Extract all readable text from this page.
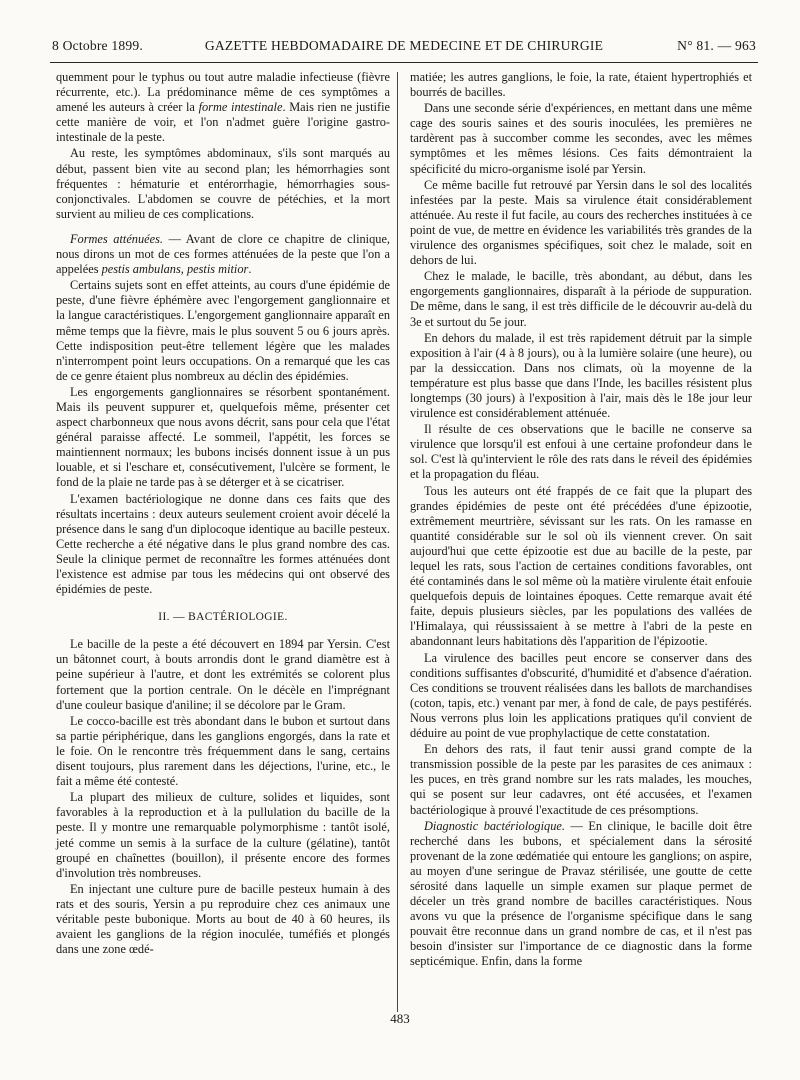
8 Octobre 1899.	GAZETTE HEBDOMADAIRE DE MEDECINE ET DE CHIRURGIE	N° 81. — 963

quemment pour le typhus ou tout autre maladie infectieuse (fièvre récurrente, etc.). La prédominance même de ces symptômes a amené les auteurs à créer la forme intestinale. Mais rien ne justifie cette manière de voir, et l'on n'admet guère l'origine gastro-intestinale de la peste.

Au reste, les symptômes abdominaux, s'ils sont marqués au début, passent bien vite au second plan; les hémorrhagies sont fréquentes : hématurie et entérorrhagie, hémorrhagies sous-conjonctivales. L'abdomen se couvre de pétéchies, et la mort survient au milieu de ces complications.

Formes atténuées. — Avant de clore ce chapitre de clinique, nous dirons un mot de ces formes atténuées de la peste que l'on a appelées pestis ambulans, pestis mitior.

Certains sujets sont en effet atteints, au cours d'une épidémie de peste, d'une fièvre éphémère avec l'engorgement ganglionnaire et la langue caractéristiques. L'engorgement ganglionnaire apparaît en même temps que la fièvre, mais le plus souvent 5 ou 6 jours après. Cette indisposition peut-être tellement légère que les malades n'interrompent point leurs occupations. On a remarqué que les cas de ce genre étaient plus nombreux au déclin des épidémies.

Les engorgements ganglionnaires se résorbent spontanément. Mais ils peuvent suppurer et, quelquefois même, présenter cet aspect charbonneux que nous avons décrit, sans pour cela que l'état général paraisse affecté. Le sommeil, l'appétit, les forces se maintiennent normaux; les bubons incisés donnent issue à un pus louable, et si l'eschare et, consécutivement, l'ulcère se forment, le fond de la plaie ne tarde pas à se déterger et à se cicatriser.

L'examen bactériologique ne donne dans ces faits que des résultats incertains : deux auteurs seulement croient avoir décelé la présence dans le sang d'un diplocoque identique au bacille pesteux. Cette recherche a été négative dans le plus grand nombre des cas. Seule la clinique permet de reconnaître les formes atténuées dont l'existence est admise par tous les médecins qui ont observé des épidémies de peste.

II. — BACTÉRIOLOGIE.

Le bacille de la peste a été découvert en 1894 par Yersin. C'est un bâtonnet court, à bouts arrondis dont le grand diamètre est à peine supérieur à l'autre, et dont les extrémités se colorent plus fortement que la portion centrale. On le décèle en l'imprégnant d'une couleur basique d'aniline; il se décolore par le Gram.

Le cocco-bacille est très abondant dans le bubon et surtout dans sa partie périphérique, dans les ganglions engorgés, dans la rate et le foie. On le rencontre très fréquemment dans le sang, certains disent toujours, plus rarement dans les déjections, l'urine, etc., le fait a même été contesté.

La plupart des milieux de culture, solides et liquides, sont favorables à la reproduction et à la pullulation du bacille de la peste. Il y montre une remarquable polymorphisme : tantôt isolé, jeté comme un semis à la surface de la culture (gélatine), tantôt groupé en chaînettes (bouillon), il présente encore des formes d'involution très nombreuses.

En injectant une culture pure de bacille pesteux humain à des rats et des souris, Yersin a pu reproduire chez ces animaux une véritable peste bubonique. Morts au bout de 40 à 60 heures, ils avaient les ganglions de la région inoculée, tuméfiés et plongés dans une zone œdé-

matiée; les autres ganglions, le foie, la rate, étaient hypertrophiés et bourrés de bacilles.

Dans une seconde série d'expériences, en mettant dans une même cage des souris saines et des souris inoculées, les premières ne tardèrent pas à succomber comme les secondes, avec les mêmes symptômes et les mêmes lésions. Ces faits démontraient la spécificité du micro-organisme isolé par Yersin.

Ce même bacille fut retrouvé par Yersin dans le sol des localités infestées par la peste. Mais sa virulence était considérablement atténuée. Au reste il fut facile, au cours des recherches instituées à ce point de vue, de mettre en évidence les variabilités très grandes de la virulence des organismes spécifiques, soit chez le malade, soit en dehors de lui.

Chez le malade, le bacille, très abondant, au début, dans les engorgements ganglionnaires, disparaît à la période de suppuration. De même, dans le sang, il est très difficile de le découvrir au-delà du 3e et surtout du 5e jour.

En dehors du malade, il est très rapidement détruit par la simple exposition à l'air (4 à 8 jours), ou à la lumière solaire (une heure), ou par la dessiccation. Dans nos climats, où la moyenne de la température est plus basse que dans l'Inde, les bacilles résistent plus longtemps (30 jours) à l'exposition à l'air, mais dès le 18e jour leur virulence est considérablement atténuée.

Il résulte de ces observations que le bacille ne conserve sa virulence que lorsqu'il est enfoui à une certaine profondeur dans le sol. C'est là qu'intervient le rôle des rats dans le réveil des épidémies et la propagation du fléau.

Tous les auteurs ont été frappés de ce fait que la plupart des grandes épidémies de peste ont été précédées d'une épizootie, extrêmement meurtrière, sévissant sur les rats. On les ramasse en quantité considérable sur le sol où ils viennent crever. On sait aujourd'hui que cette épizootie est due au bacille de la peste, par lequel les rats, sous l'action de certaines conditions favorables, ont été contaminés dans le sol même où la matière virulente était enfouie quelquefois depuis de lointaines époques. Cette remarque avait été faite, depuis plusieurs siècles, par les populations des vallées de l'Himalaya, qui réussissaient à se mettre à l'abri de la peste en abandonnant leurs habitations dès l'apparition de l'épizootie.

La virulence des bacilles peut encore se conserver dans des conditions suffisantes d'obscurité, d'humidité et d'absence d'aération. Ces conditions se trouvent réalisées dans les ballots de marchandises (coton, tapis, etc.) venant par mer, à fond de cale, de pays pestiférés. Nous verrons plus loin les applications pratiques qu'il convient de déduire au point de vue prophylactique de cette constatation.

En dehors des rats, il faut tenir aussi grand compte de la transmission possible de la peste par les parasites de ces animaux : les puces, en très grand nombre sur les rats malades, les mouches, qui se posent sur leur cadavres, ont été accusées, et l'examen bactériologique à prouvé l'exactitude de ces présomptions.

Diagnostic bactériologique. — En clinique, le bacille doit être recherché dans les bubons, et spécialement dans la sérosité provenant de la zone œdématiée qui entoure les ganglions; on aspire, au moyen d'une seringue de Pravaz stérilisée, une goutte de cette sérosité dans laquelle un simple examen sur plaque permet de déceler un très grand nombre de bacilles caractéristiques. Nous avons vu que la présence de l'organisme spécifique dans le sang pouvait être reconnue dans un grand nombre de cas, et il n'est pas besoin d'insister sur l'importance de ce diagnostic dans la forme septicémique. Enfin, dans la forme

483
